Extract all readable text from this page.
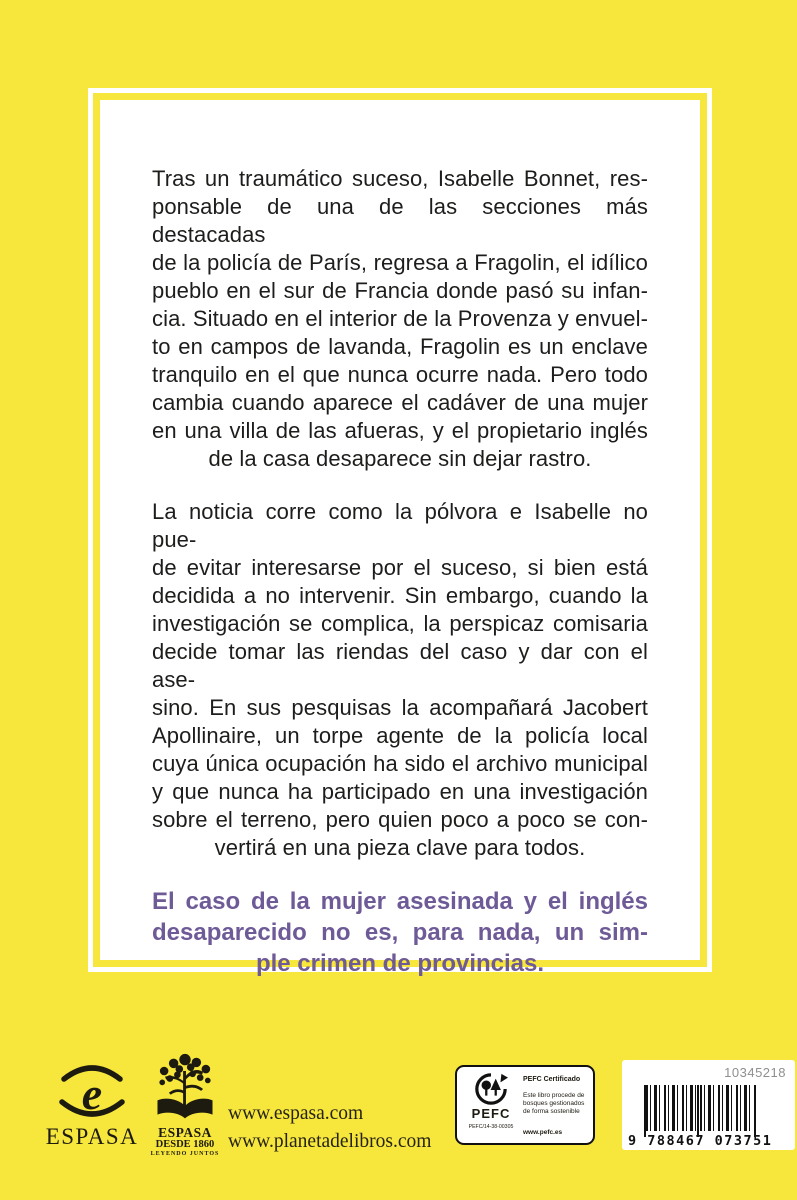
Tras un traumático suceso, Isabelle Bonnet, res-
ponsable de una de las secciones más destacadas
de la policía de París, regresa a Fragolin, el idílico
pueblo en el sur de Francia donde pasó su infan-
cia. Situado en el interior de la Provenza y envuel-
to en campos de lavanda, Fragolin es un enclave
tranquilo en el que nunca ocurre nada. Pero todo
cambia cuando aparece el cadáver de una mujer
en una villa de las afueras, y el propietario inglés
de la casa desaparece sin dejar rastro.
La noticia corre como la pólvora e Isabelle no pue-
de evitar interesarse por el suceso, si bien está
decidida a no intervenir. Sin embargo, cuando la
investigación se complica, la perspicaz comisaria
decide tomar las riendas del caso y dar con el ase-
sino. En sus pesquisas la acompañará Jacobert
Apollinaire, un torpe agente de la policía local
cuya única ocupación ha sido el archivo municipal
y que nunca ha participado en una investigación
sobre el terreno, pero quien poco a poco se con-
vertirá en una pieza clave para todos.
El caso de la mujer asesinada y el inglés
desaparecido no es, para nada, un sim-
ple crimen de provincias.
e
ESPASA	ESPASA
DESDE 1860
LEYENDO JUNTOS
www.espasa.com
www.planetadelibros.com
PEFC
PEFC/14-38-00305
PEFC Certificado
Este libro procede de bosques gestionados de forma sostenible
www.pefc.es
10345218
9 788467 073751
